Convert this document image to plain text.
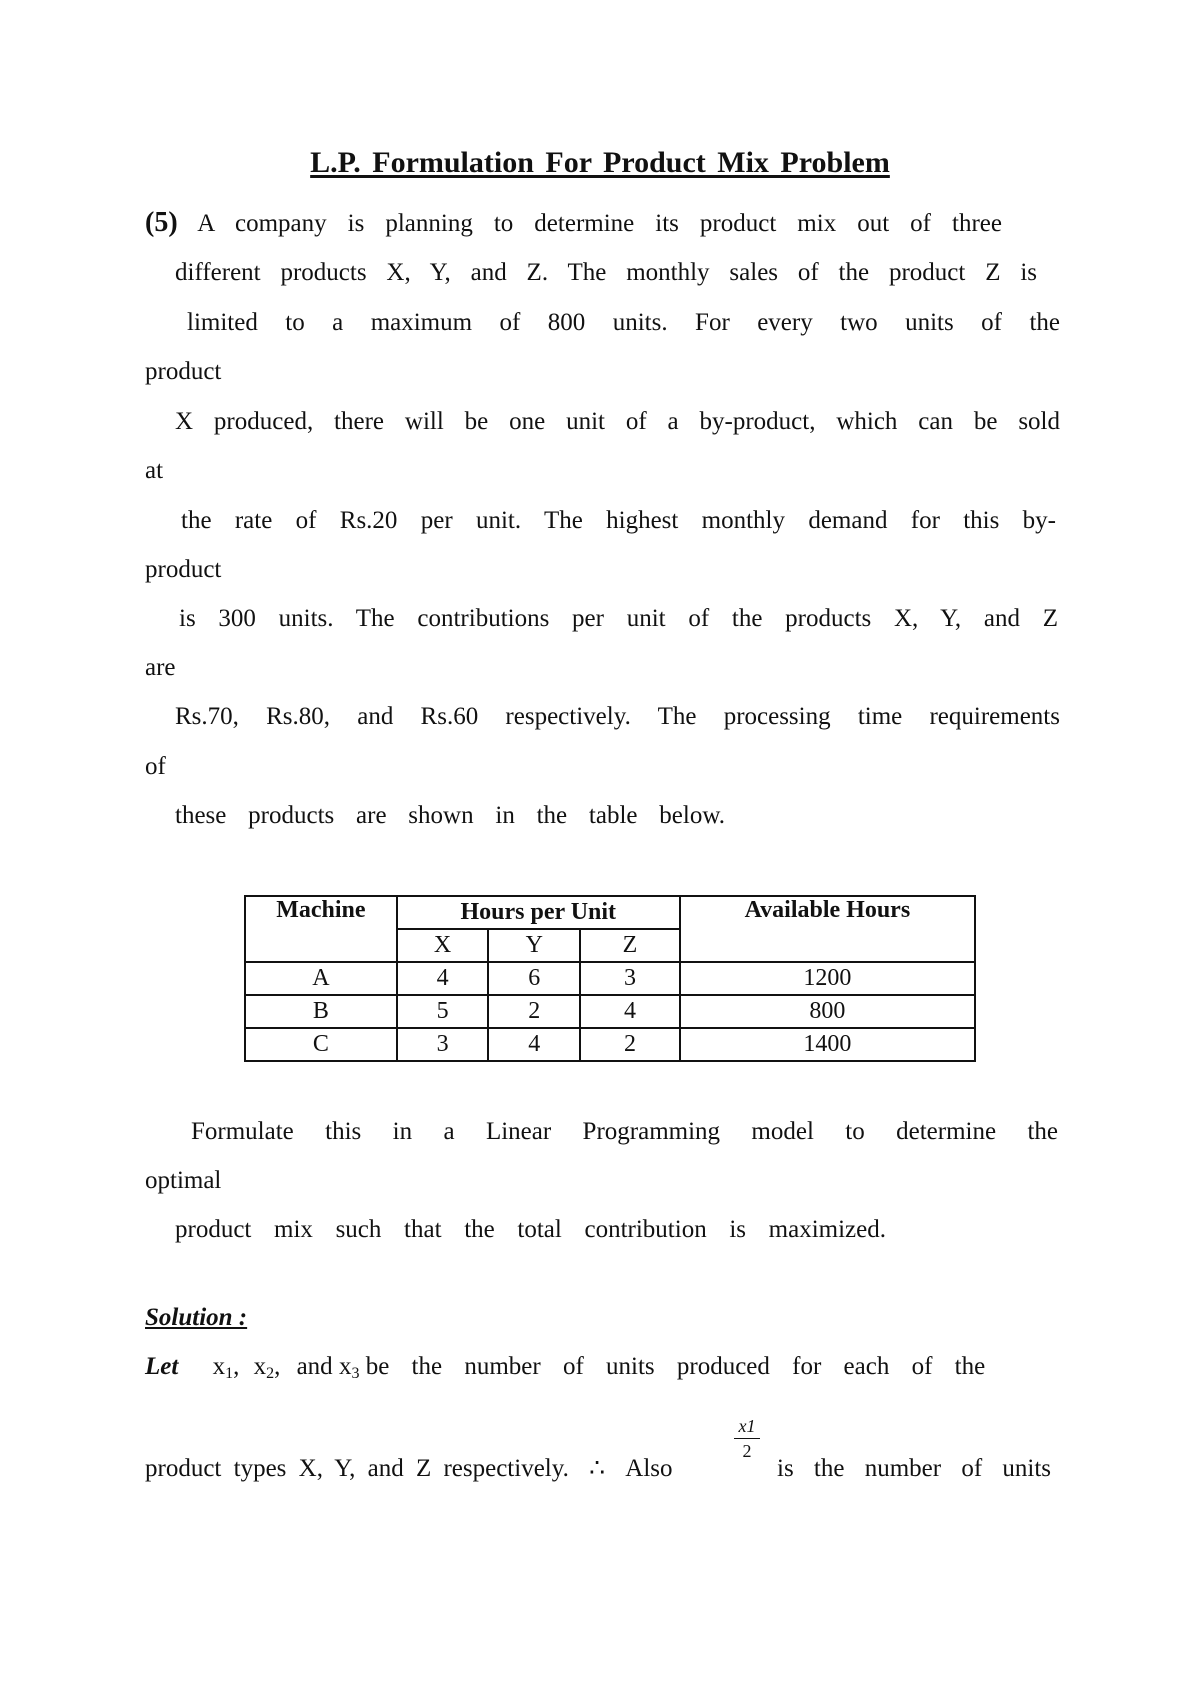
L.P. Formulation For Product Mix Problem
(5) A company is planning to determine its product mix out of three
different products X, Y, and Z. The monthly sales of the product Z is
limited to a maximum of 800 units. For every two units of the
product
X produced, there will be one unit of a by-product, which can be sold
at
the rate of Rs.20 per unit. The highest monthly demand for this by-
product
is 300 units. The contributions per unit of the products X, Y, and Z
are
Rs.70, Rs.80, and Rs.60 respectively. The processing time requirements
of
these products are shown in the table below.
Machine	Hours per Unit			Available Hours
	X	Y	Z	
A	4	6	3	1200
B	5	2	4	800
C	3	4	2	1400
Formulate this in a Linear Programming model to determine the
optimal
product mix such that the total contribution is maximized.
Solution :
Let $x_1$, $x_2$, and $x_3$ be the number of units produced for each of the
$\frac{x1}{2}$
product types X, Y, and Z respectively. ∴ Also	is the number of units
